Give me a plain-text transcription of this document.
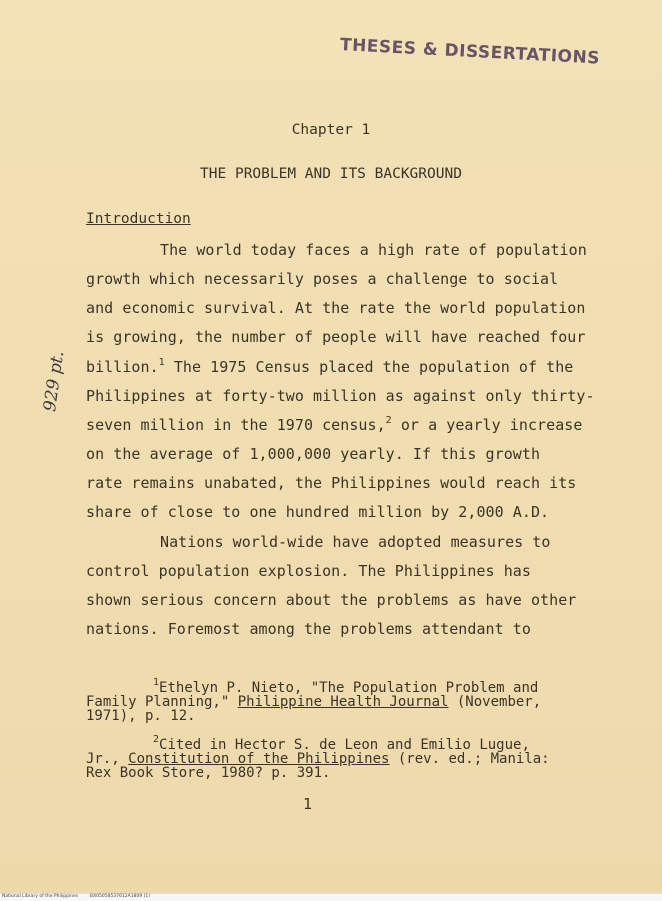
THESES & DISSERTATIONS
929 pt.
Chapter 1
THE PROBLEM AND ITS BACKGROUND
Introduction
The world today faces a high rate of population
growth which necessarily poses a challenge to social
and economic survival. At the rate the world population
is growing, the number of people will have reached four
billion.$^1$ The 1975 Census placed the population of the
Philippines at forty-two million as against only thirty-
seven million in the 1970 census,$^2$ or a yearly increase
on the average of 1,000,000 yearly. If this growth
rate remains unabated, the Philippines would reach its
share of close to one hundred million by 2,000 A.D.
Nations world-wide have adopted measures to
control population explosion. The Philippines has
shown serious concern about the problems as have other
nations. Foremost among the problems attendant to
$^1$Ethelyn P. Nieto, "The Population Problem and
Family Planning," Philippine Health Journal (November,
1971), p. 12.
$^2$Cited in Hector S. de Leon and Emilio Lugue,
Jr., Constitution of the Philippines (rev. ed.; Manila:
Rex Book Store, 1980? p. 391.
1
National Library of the Philippines	BX05058537612A1809 (1)
